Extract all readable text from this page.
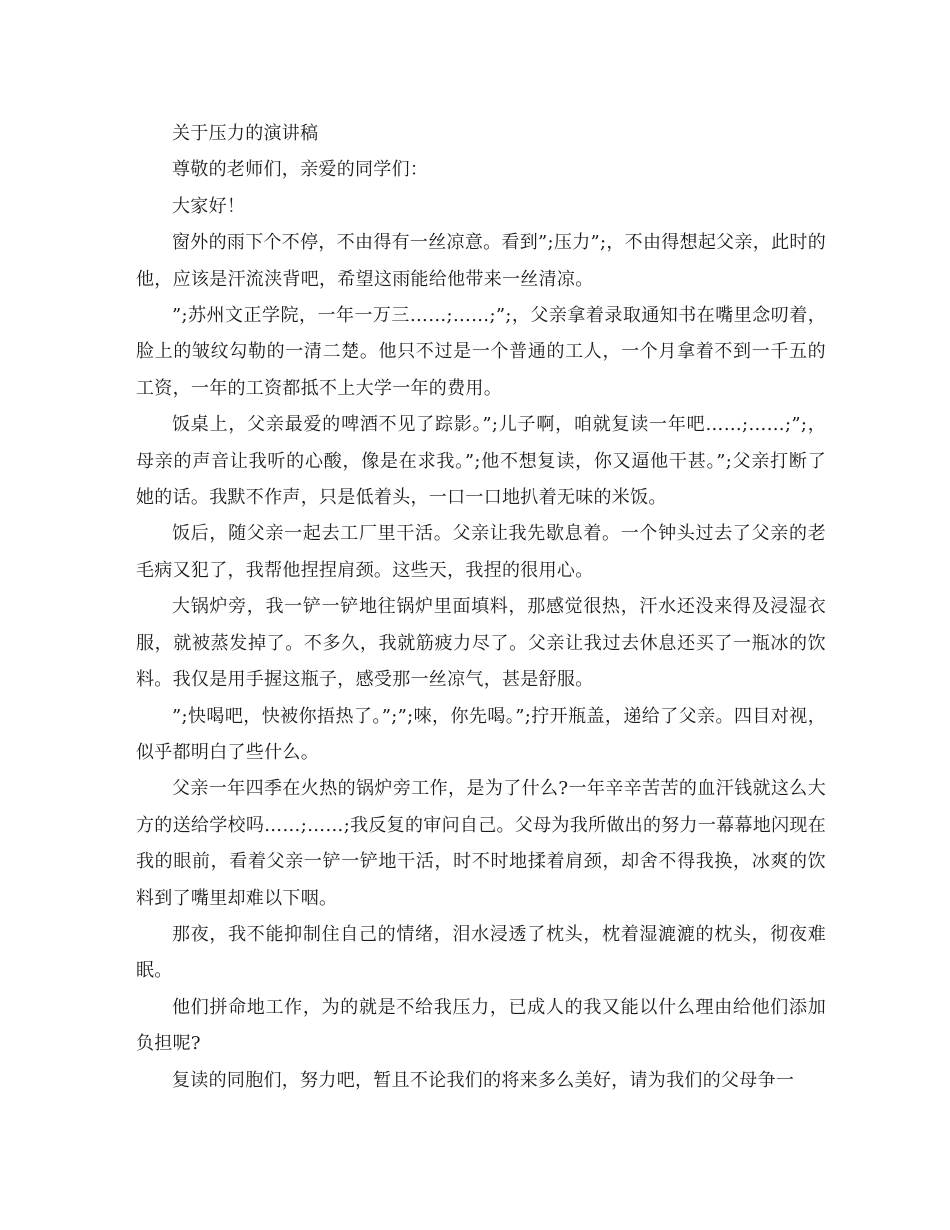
关于压力的演讲稿

尊敬的老师们，亲爱的同学们：

大家好！

窗外的雨下个不停，不由得有一丝凉意。看到”;压力”;，不由得想起父亲，此时的他，应该是汗流浃背吧，希望这雨能给他带来一丝清凉。

”;苏州文正学院，一年一万三……;……;”;，父亲拿着录取通知书在嘴里念叨着，脸上的皱纹勾勒的一清二楚。他只不过是一个普通的工人，一个月拿着不到一千五的工资，一年的工资都抵不上大学一年的费用。

饭桌上，父亲最爱的啤酒不见了踪影。”;儿子啊，咱就复读一年吧……;……;”;，母亲的声音让我听的心酸，像是在求我。”;他不想复读，你又逼他干甚。”;父亲打断了她的话。我默不作声，只是低着头，一口一口地扒着无味的米饭。

饭后，随父亲一起去工厂里干活。父亲让我先歇息着。一个钟头过去了父亲的老毛病又犯了，我帮他捏捏肩颈。这些天，我捏的很用心。

大锅炉旁，我一铲一铲地往锅炉里面填料，那感觉很热，汗水还没来得及浸湿衣服，就被蒸发掉了。不多久，我就筋疲力尽了。父亲让我过去休息还买了一瓶冰的饮料。我仅是用手握这瓶子，感受那一丝凉气，甚是舒服。

”;快喝吧，快被你捂热了。”;”;唻，你先喝。”;拧开瓶盖，递给了父亲。四目对视，似乎都明白了些什么。

父亲一年四季在火热的锅炉旁工作，是为了什么?一年辛辛苦苦的血汗钱就这么大方的送给学校吗……;……;我反复的审问自己。父母为我所做出的努力一幕幕地闪现在我的眼前，看着父亲一铲一铲地干活，时不时地揉着肩颈，却舍不得我换，冰爽的饮料到了嘴里却难以下咽。

那夜，我不能抑制住自己的情绪，泪水浸透了枕头，枕着湿漉漉的枕头，彻夜难眠。

他们拼命地工作，为的就是不给我压力，已成人的我又能以什么理由给他们添加负担呢?

复读的同胞们，努力吧，暂且不论我们的将来多么美好，请为我们的父母争一
